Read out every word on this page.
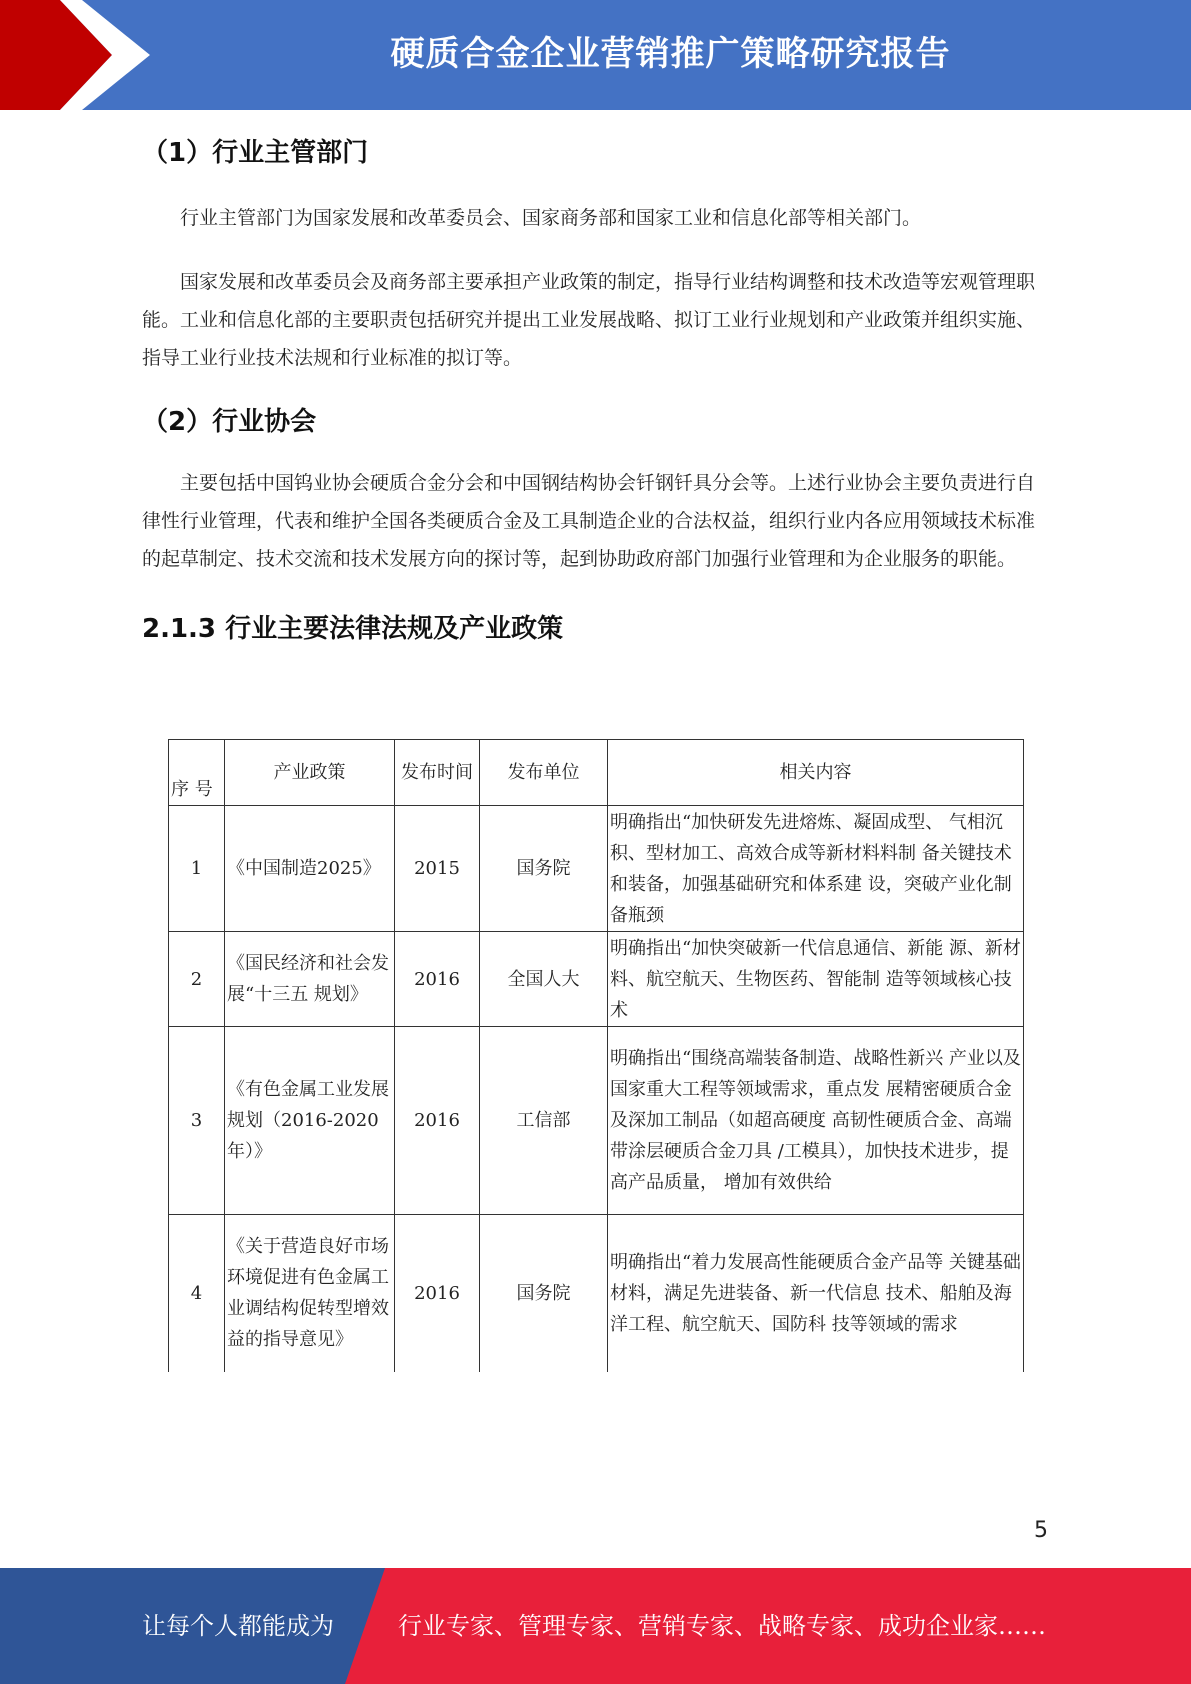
硬质合金企业营销推广策略研究报告
（1）行业主管部门

行业主管部门为国家发展和改革委员会、国家商务部和国家工业和信息化部等相关部门。

国家发展和改革委员会及商务部主要承担产业政策的制定，指导行业结构调整和技术改造等宏观管理职能。工业和信息化部的主要职责包括研究并提出工业发展战略、拟订工业行业规划和产业政策并组织实施、指导工业行业技术法规和行业标准的拟订等。

（2）行业协会

主要包括中国钨业协会硬质合金分会和中国钢结构协会钎钢钎具分会等。上述行业协会主要负责进行自律性行业管理，代表和维护全国各类硬质合金及工具制造企业的合法权益，组织行业内各应用领域技术标准的起草制定、技术交流和技术发展方向的探讨等，起到协助政府部门加强行业管理和为企业服务的职能。

2.1.3 行业主要法律法规及产业政策
序 号	产业政策	发布时间	发布单位	相关内容
1	《中国制造2025》	2015	国务院	明确指出“加快研发先进熔炼、凝固成型、 气相沉积、型材加工、高效合成等新材料料制 备关键技术和装备，加强基础研究和体系建 设，突破产业化制备瓶颈
2	《国民经济和社会发展“十三五 规划》	2016	全国人大	明确指出“加快突破新一代信息通信、新能 源、新材料、航空航天、生物医药、智能制 造等领域核心技术
3	《有色金属工业发展规划（2016-2020 年）》	2016	工信部	明确指出“围绕高端装备制造、战略性新兴 产业以及国家重大工程等领域需求，重点发 展精密硬质合金及深加工制品（如超高硬度 高韧性硬质合金、高端带涂层硬质合金刀具 /工模具），加快技术进步，提高产品质量， 增加有效供给
4	《关于营造良好市场环境促进有色金属工业调结构促转型增效益的指导意见》	2016	国务院	明确指出“着力发展高性能硬质合金产品等 关键基础材料，满足先进装备、新一代信息 技术、船舶及海洋工程、航空航天、国防科 技等领域的需求
5
让每个人都能成为	行业专家、管理专家、营销专家、战略专家、成功企业家……
